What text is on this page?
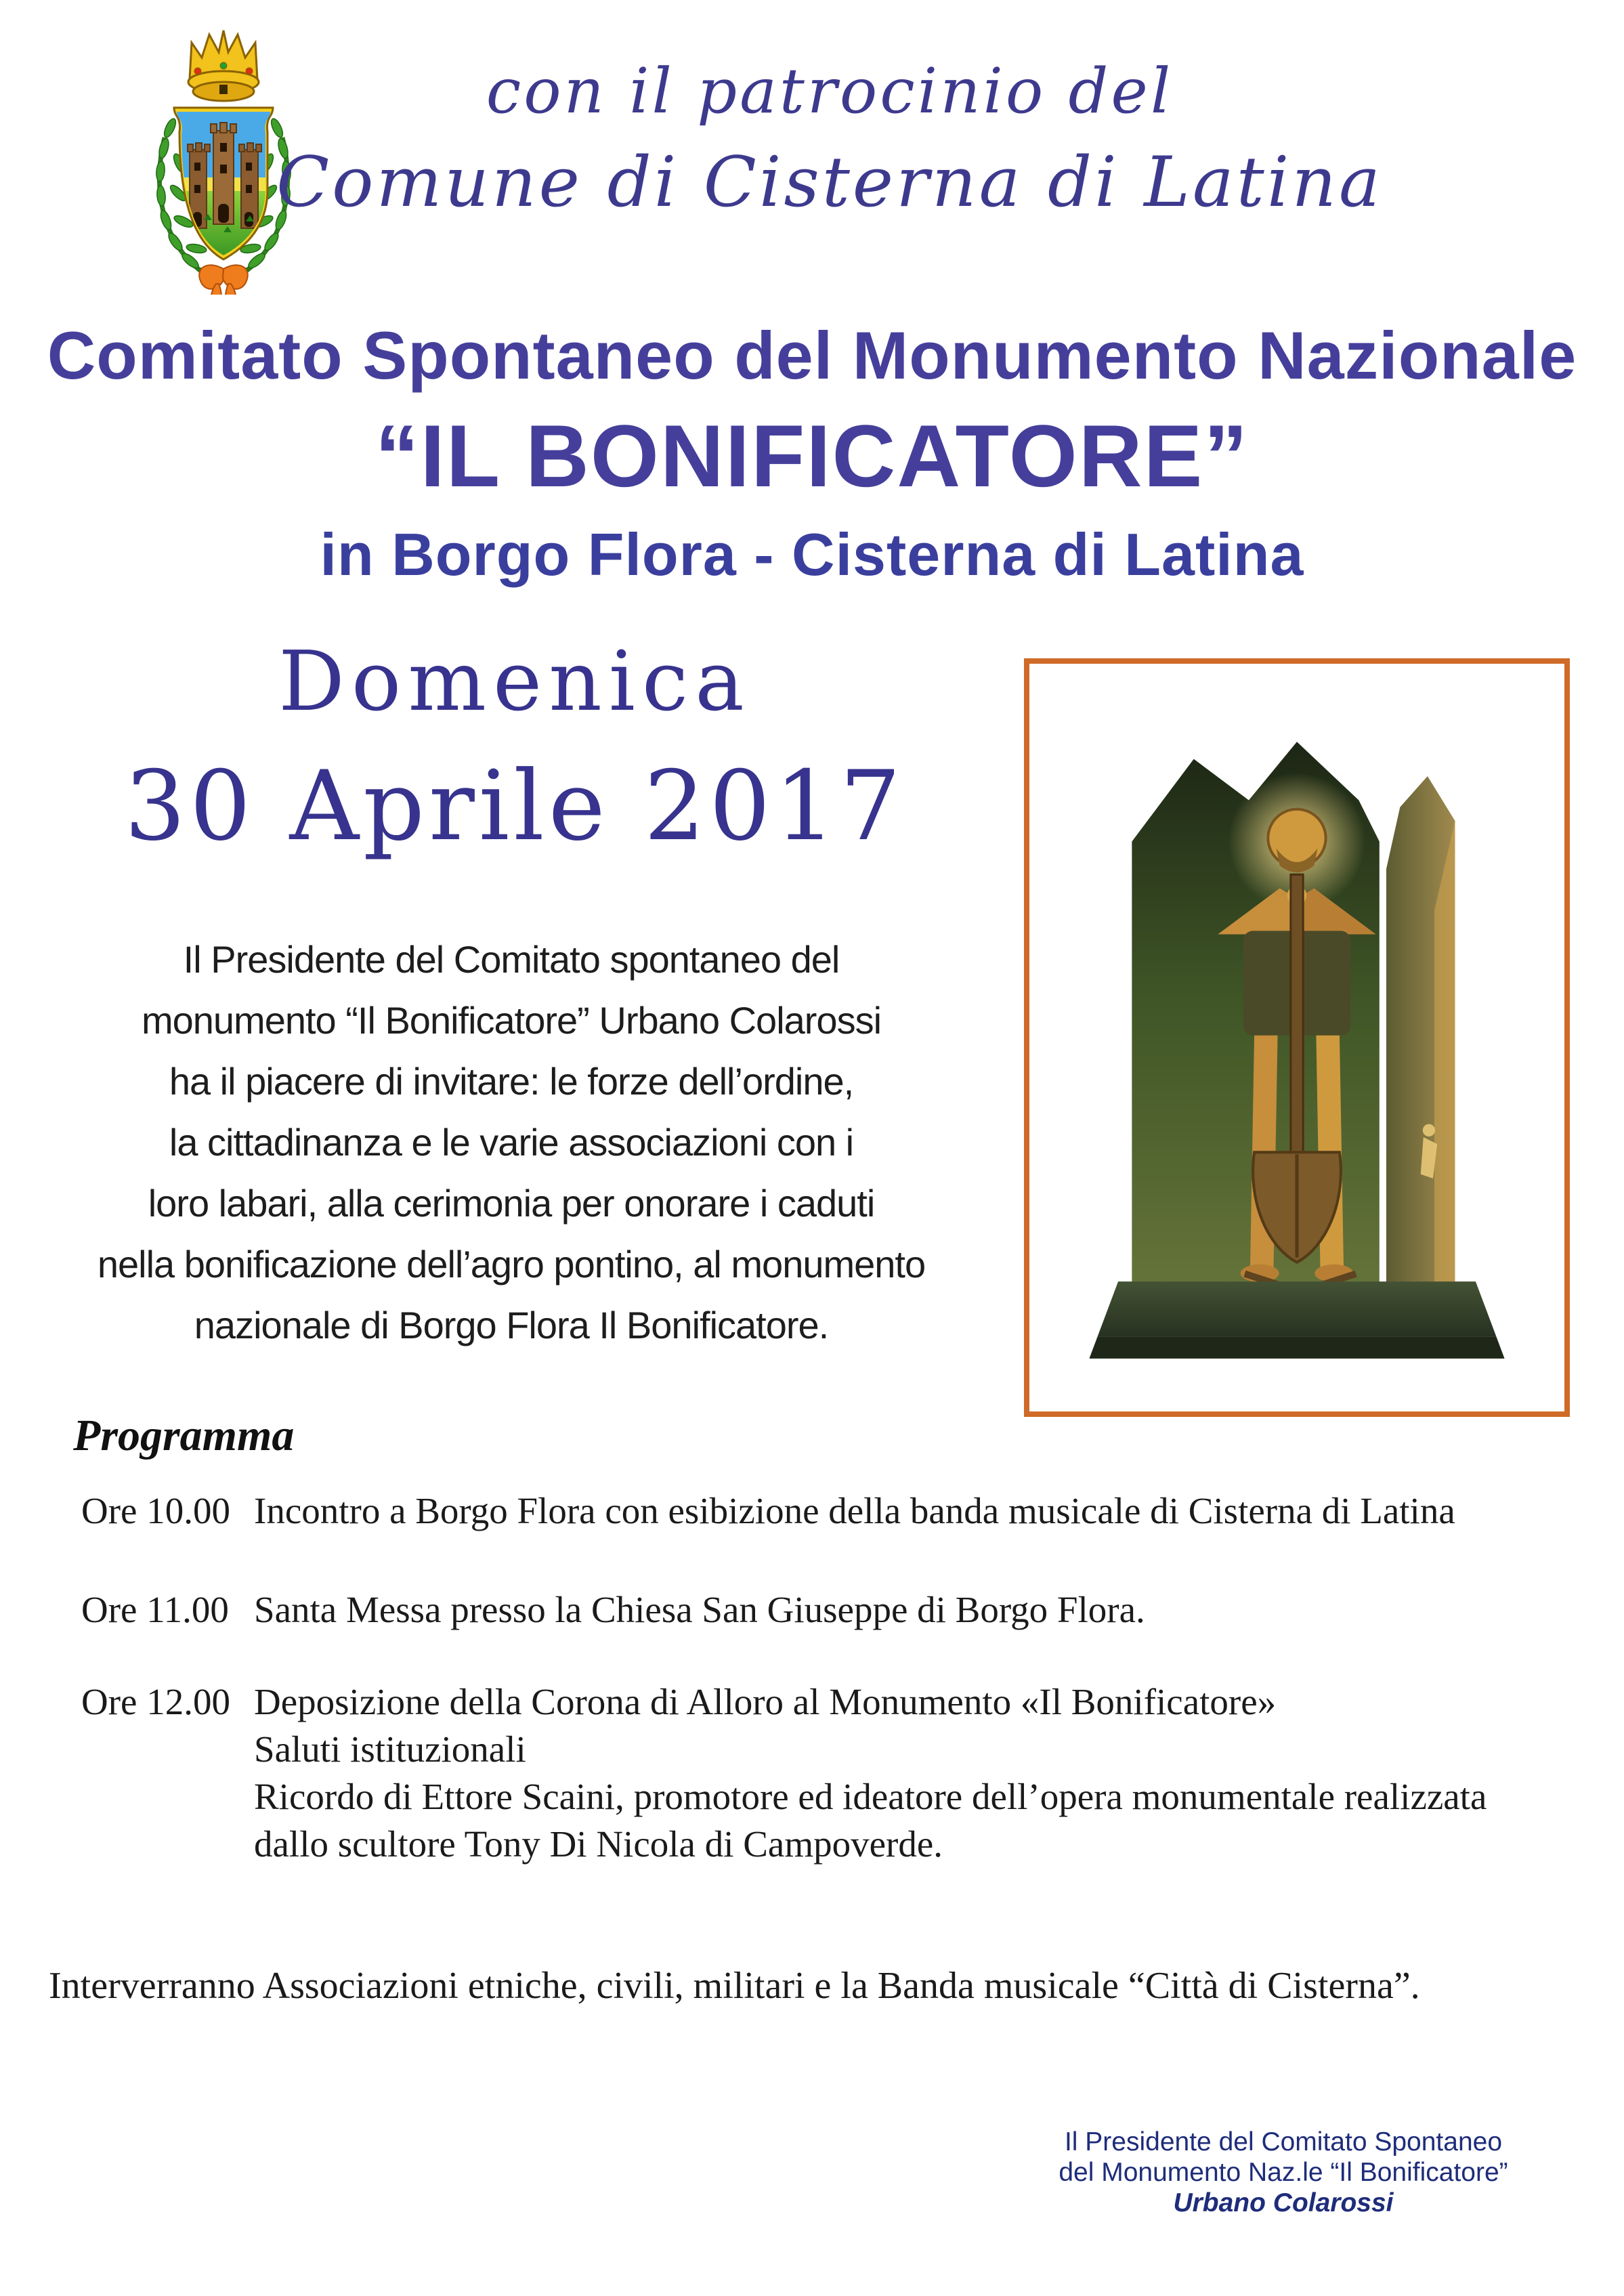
con il patrocinio del
Comune di Cisterna di Latina
Comitato Spontaneo del Monumento Nazionale
“IL BONIFICATORE”
in Borgo Flora - Cisterna di Latina
Domenica
30 Aprile 2017
Il Presidente del Comitato spontaneo del
monumento “Il Bonificatore” Urbano Colarossi
ha il piacere di invitare: le forze dell’ordine,
la cittadinanza e le varie associazioni con i
loro labari, alla cerimonia per onorare i caduti
nella bonificazione dell’agro pontino, al monumento
nazionale di Borgo Flora Il Bonificatore.
Programma
Ore 10.00 Incontro a Borgo Flora con esibizione della banda musicale di Cisterna di Latina
Ore 11.00 Santa Messa presso la Chiesa San Giuseppe di Borgo Flora.
Ore 12.00 Deposizione della Corona di Alloro al Monumento «Il Bonificatore»
Saluti istituzionali
Ricordo di Ettore Scaini, promotore ed ideatore dell’opera monumentale realizzata
dallo scultore Tony Di Nicola di Campoverde.
Interverranno Associazioni etniche, civili, militari e la Banda musicale “Città di Cisterna”.
Il Presidente del Comitato Spontaneo
del Monumento Naz.le “Il Bonificatore”
Urbano Colarossi
